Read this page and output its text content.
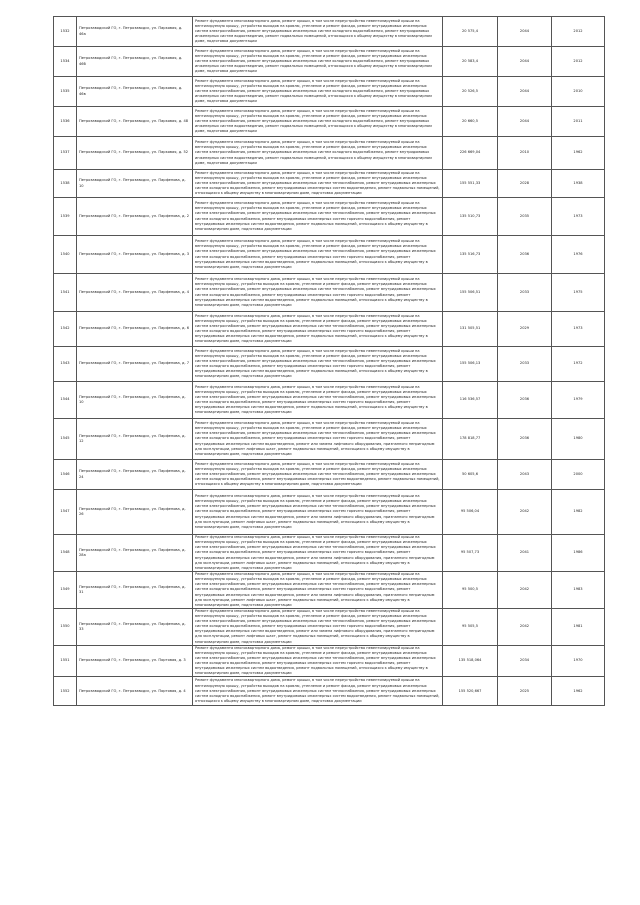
1532	Петрозаводский ГО, г. Петрозаводск, ул. Парковая, д. 46а	Ремонт фундамента многоквартирного дома, ремонт крыши, в том числе переустройство невентилируемой крыши на вентилируемую крышу, устройство выходов на кровлю, утепление и ремонт фасада, ремонт внутридомовых инженерных систем электроснабжения, ремонт внутридомовых инженерных систем холодного водоснабжения, ремонт внутридомовых инженерных систем водоотведения, ремонт подвальных помещений, относящихся к общему имуществу в многоквартирном доме, подготовка документации	20 575,4	2044	2012
1534	Петрозаводский ГО, г. Петрозаводск, ул. Парковая, д. 46б	Ремонт фундамента многоквартирного дома, ремонт крыши, в том числе переустройство невентилируемой крыши на вентилируемую крышу, устройство выходов на кровлю, утепление и ремонт фасада, ремонт внутридомовых инженерных систем электроснабжения, ремонт внутридомовых инженерных систем холодного водоснабжения, ремонт внутридомовых инженерных систем водоотведения, ремонт подвальных помещений, относящихся к общему имуществу в многоквартирном доме, подготовка документации	20 583,4	2044	2012
1535	Петрозаводский ГО, г. Петрозаводск, ул. Парковая, д. 46в	Ремонт фундамента многоквартирного дома, ремонт крыши, в том числе переустройство невентилируемой крыши на вентилируемую крышу, устройство выходов на кровлю, утепление и ремонт фасада, ремонт внутридомовых инженерных систем электроснабжения, ремонт внутридомовых инженерных систем холодного водоснабжения, ремонт внутридомовых инженерных систем водоотведения, ремонт подвальных помещений, относящихся к общему имуществу в многоквартирном доме, подготовка документации	20 526,5	2044	2010
1536	Петрозаводский ГО, г. Петрозаводск, ул. Парковая, д. 48	Ремонт фундамента многоквартирного дома, ремонт крыши, в том числе переустройство невентилируемой крыши на вентилируемую крышу, устройство выходов на кровлю, утепление и ремонт фасада, ремонт внутридомовых инженерных систем электроснабжения, ремонт внутридомовых инженерных систем холодного водоснабжения, ремонт внутридомовых инженерных систем водоотведения, ремонт подвальных помещений, относящихся к общему имуществу в многоквартирном доме, подготовка документации	20 660,5	2044	2011
1537	Петрозаводский ГО, г. Петрозаводск, ул. Парковая, д. 52	Ремонт фундамента многоквартирного дома, ремонт крыши, в том числе переустройство невентилируемой крыши на вентилируемую крышу, устройство выходов на кровлю, утепление и ремонт фасада, ремонт внутридомовых инженерных систем электроснабжения, ремонт внутридомовых инженерных систем холодного водоснабжения, ремонт внутридомовых инженерных систем водоотведения, ремонт подвальных помещений, относящихся к общему имуществу в многоквартирном доме, подготовка документации	226 669,04	2010	1962
1538	Петрозаводский ГО, г. Петрозаводск, ул. Парфенова, д. 10	Ремонт фундамента многоквартирного дома, ремонт крыши, в том числе переустройство невентилируемой крыши на вентилируемую крышу, устройство выходов на кровлю, утепление и ремонт фасада, ремонт внутридомовых инженерных систем электроснабжения, ремонт внутридомовых инженерных систем теплоснабжения, ремонт внутридомовых инженерных систем холодного водоснабжения, ремонт внутридомовых инженерных систем водоотведения, ремонт подвальных помещений, относящихся к общему имуществу в многоквартирном доме, подготовка документации	155 551,33	2028	1938
1539	Петрозаводский ГО, г. Петрозаводск, ул. Парфенова, д. 2	Ремонт фундамента многоквартирного дома, ремонт крыши, в том числе переустройство невентилируемой крыши на вентилируемую крышу, устройство выходов на кровлю, утепление и ремонт фасада, ремонт внутридомовых инженерных систем электроснабжения, ремонт внутридомовых инженерных систем теплоснабжения, ремонт внутридомовых инженерных систем холодного водоснабжения, ремонт внутридомовых инженерных систем горячего водоснабжения, ремонт внутридомовых инженерных систем водоотведения, ремонт подвальных помещений, относящихся к общему имуществу в многоквартирном доме, подготовка документации	135 510,73	2035	1973
1540	Петрозаводский ГО, г. Петрозаводск, ул. Парфенова, д. 3	Ремонт фундамента многоквартирного дома, ремонт крыши, в том числе переустройство невентилируемой крыши на вентилируемую крышу, устройство выходов на кровлю, утепление и ремонт фасада, ремонт внутридомовых инженерных систем электроснабжения, ремонт внутридомовых инженерных систем теплоснабжения, ремонт внутридомовых инженерных систем холодного водоснабжения, ремонт внутридомовых инженерных систем горячего водоснабжения, ремонт внутридомовых инженерных систем водоотведения, ремонт подвальных помещений, относящихся к общему имуществу в многоквартирном доме, подготовка документации	135 516,73	2036	1976
1541	Петрозаводский ГО, г. Петрозаводск, ул. Парфенова, д. 4	Ремонт фундамента многоквартирного дома, ремонт крыши, в том числе переустройство невентилируемой крыши на вентилируемую крышу, устройство выходов на кровлю, утепление и ремонт фасада, ремонт внутридомовых инженерных систем электроснабжения, ремонт внутридомовых инженерных систем теплоснабжения, ремонт внутридомовых инженерных систем холодного водоснабжения, ремонт внутридомовых инженерных систем горячего водоснабжения, ремонт внутридомовых инженерных систем водоотведения, ремонт подвальных помещений, относящихся к общему имуществу в многоквартирном доме, подготовка документации	155 506,51	2033	1975
1542	Петрозаводский ГО, г. Петрозаводск, ул. Парфенова, д. 6	Ремонт фундамента многоквартирного дома, ремонт крыши, в том числе переустройство невентилируемой крыши на вентилируемую крышу, устройство выходов на кровлю, утепление и ремонт фасада, ремонт внутридомовых инженерных систем электроснабжения, ремонт внутридомовых инженерных систем теплоснабжения, ремонт внутридомовых инженерных систем холодного водоснабжения, ремонт внутридомовых инженерных систем горячего водоснабжения, ремонт внутридомовых инженерных систем водоотведения, ремонт подвальных помещений, относящихся к общему имуществу в многоквартирном доме, подготовка документации	131 505,51	2029	1973
1543	Петрозаводский ГО, г. Петрозаводск, ул. Парфенова, д. 7	Ремонт фундамента многоквартирного дома, ремонт крыши, в том числе переустройство невентилируемой крыши на вентилируемую крышу, устройство выходов на кровлю, утепление и ремонт фасада, ремонт внутридомовых инженерных систем электроснабжения, ремонт внутридомовых инженерных систем теплоснабжения, ремонт внутридомовых инженерных систем холодного водоснабжения, ремонт внутридомовых инженерных систем горячего водоснабжения, ремонт внутридомовых инженерных систем водоотведения, ремонт подвальных помещений, относящихся к общему имуществу в многоквартирном доме, подготовка документации	155 506,13	2033	1972
1544	Петрозаводский ГО, г. Петрозаводск, ул. Парфенова, д. 10	Ремонт фундамента многоквартирного дома, ремонт крыши, в том числе переустройство невентилируемой крыши на вентилируемую крышу, устройство выходов на кровлю, утепление и ремонт фасада, ремонт внутридомовых инженерных систем электроснабжения, ремонт внутридомовых инженерных систем теплоснабжения, ремонт внутридомовых инженерных систем холодного водоснабжения, ремонт внутридомовых инженерных систем горячего водоснабжения, ремонт внутридомовых инженерных систем водоотведения, ремонт подвальных помещений, относящихся к общему имуществу в многоквартирном доме, подготовка документации	116 536,57	2036	1979
1545	Петрозаводский ГО, г. Петрозаводск, ул. Парфенова, д. 12	Ремонт фундамента многоквартирного дома, ремонт крыши, в том числе переустройство невентилируемой крыши на вентилируемую крышу, устройство выходов на кровлю, утепление и ремонт фасада, ремонт внутридомовых инженерных систем электроснабжения, ремонт внутридомовых инженерных систем теплоснабжения, ремонт внутридомовых инженерных систем холодного водоснабжения, ремонт внутридомовых инженерных систем горячего водоснабжения, ремонт внутридомовых инженерных систем водоотведения, ремонт или замена лифтового оборудования, признанного непригодным для эксплуатации, ремонт лифтовых шахт, ремонт подвальных помещений, относящихся к общему имуществу в многоквартирном доме, подготовка документации	178 818,77	2036	1980
1546	Петрозаводский ГО, г. Петрозаводск, ул. Парфенова, д. 24	Ремонт фундамента многоквартирного дома, ремонт крыши, в том числе переустройство невентилируемой крыши на вентилируемую крышу, устройство выходов на кровлю, утепление и ремонт фасада, ремонт внутридомовых инженерных систем электроснабжения, ремонт внутридомовых инженерных систем теплоснабжения, ремонт внутридомовых инженерных систем холодного водоснабжения, ремонт внутридомовых инженерных систем водоотведения, ремонт подвальных помещений, относящихся к общему имуществу в многоквартирном доме, подготовка документации	50 605,6	2043	2000
1547	Петрозаводский ГО, г. Петрозаводск, ул. Парфенова, д. 26	Ремонт фундамента многоквартирного дома, ремонт крыши, в том числе переустройство невентилируемой крыши на вентилируемую крышу, устройство выходов на кровлю, утепление и ремонт фасада, ремонт внутридомовых инженерных систем электроснабжения, ремонт внутридомовых инженерных систем теплоснабжения, ремонт внутридомовых инженерных систем холодного водоснабжения, ремонт внутридомовых инженерных систем горячего водоснабжения, ремонт внутридомовых инженерных систем водоотведения, ремонт или замена лифтового оборудования, признанного непригодным для эксплуатации, ремонт лифтовых шахт, ремонт подвальных помещений, относящихся к общему имуществу в многоквартирном доме, подготовка документации	95 506,04	2042	1982
1548	Петрозаводский ГО, г. Петрозаводск, ул. Парфенова, д. 28а	Ремонт фундамента многоквартирного дома, ремонт крыши, в том числе переустройство невентилируемой крыши на вентилируемую крышу, устройство выходов на кровлю, утепление и ремонт фасада, ремонт внутридомовых инженерных систем электроснабжения, ремонт внутридомовых инженерных систем теплоснабжения, ремонт внутридомовых инженерных систем холодного водоснабжения, ремонт внутридомовых инженерных систем горячего водоснабжения, ремонт внутридомовых инженерных систем водоотведения, ремонт или замена лифтового оборудования, признанного непригодным для эксплуатации, ремонт лифтовых шахт, ремонт подвальных помещений, относящихся к общему имуществу в многоквартирном доме, подготовка документации	95 507,73	2041	1986
1549	Петрозаводский ГО, г. Петрозаводск, ул. Парфенова, д. 31	Ремонт фундамента многоквартирного дома, ремонт крыши, в том числе переустройство невентилируемой крыши на вентилируемую крышу, устройство выходов на кровлю, утепление и ремонт фасада, ремонт внутридомовых инженерных систем электроснабжения, ремонт внутридомовых инженерных систем теплоснабжения, ремонт внутридомовых инженерных систем холодного водоснабжения, ремонт внутридомовых инженерных систем горячего водоснабжения, ремонт внутридомовых инженерных систем водоотведения, ремонт или замена лифтового оборудования, признанного непригодным для эксплуатации, ремонт лифтовых шахт, ремонт подвальных помещений, относящихся к общему имуществу в многоквартирном доме, подготовка документации	95 500,5	2042	1983
1550	Петрозаводский ГО, г. Петрозаводск, ул. Парфенова, д. 33	Ремонт фундамента многоквартирного дома, ремонт крыши, в том числе переустройство невентилируемой крыши на вентилируемую крышу, устройство выходов на кровлю, утепление и ремонт фасада, ремонт внутридомовых инженерных систем электроснабжения, ремонт внутридомовых инженерных систем теплоснабжения, ремонт внутридомовых инженерных систем холодного водоснабжения, ремонт внутридомовых инженерных систем горячего водоснабжения, ремонт внутридомовых инженерных систем водоотведения, ремонт или замена лифтового оборудования, признанного непригодным для эксплуатации, ремонт лифтовых шахт, ремонт подвальных помещений, относящихся к общему имуществу в многоквартирном доме, подготовка документации	95 505,5	2042	1981
1551	Петрозаводский ГО, г. Петрозаводск, ул. Портовая, д. 3	Ремонт фундамента многоквартирного дома, ремонт крыши, в том числе переустройство невентилируемой крыши на вентилируемую крышу, устройство выходов на кровлю, утепление и ремонт фасада, ремонт внутридомовых инженерных систем электроснабжения, ремонт внутридомовых инженерных систем теплоснабжения, ремонт внутридомовых инженерных систем холодного водоснабжения, ремонт внутридомовых инженерных систем горячего водоснабжения, ремонт внутридомовых инженерных систем водоотведения, ремонт подвальных помещений, относящихся к общему имуществу в многоквартирном доме, подготовка документации	135 518,064	2034	1970
1552	Петрозаводский ГО, г. Петрозаводск, ул. Портовая, д. 4	Ремонт фундамента многоквартирного дома, ремонт крыши, в том числе переустройство невентилируемой крыши на вентилируемую крышу, устройство выходов на кровлю, утепление и ремонт фасада, ремонт внутридомовых инженерных систем электроснабжения, ремонт внутридомовых инженерных систем теплоснабжения, ремонт внутридомовых инженерных систем холодного водоснабжения, ремонт внутридомовых инженерных систем водоотведения, ремонт подвальных помещений, относящихся к общему имуществу в многоквартирном доме, подготовка документации	155 520,667	2025	1962
